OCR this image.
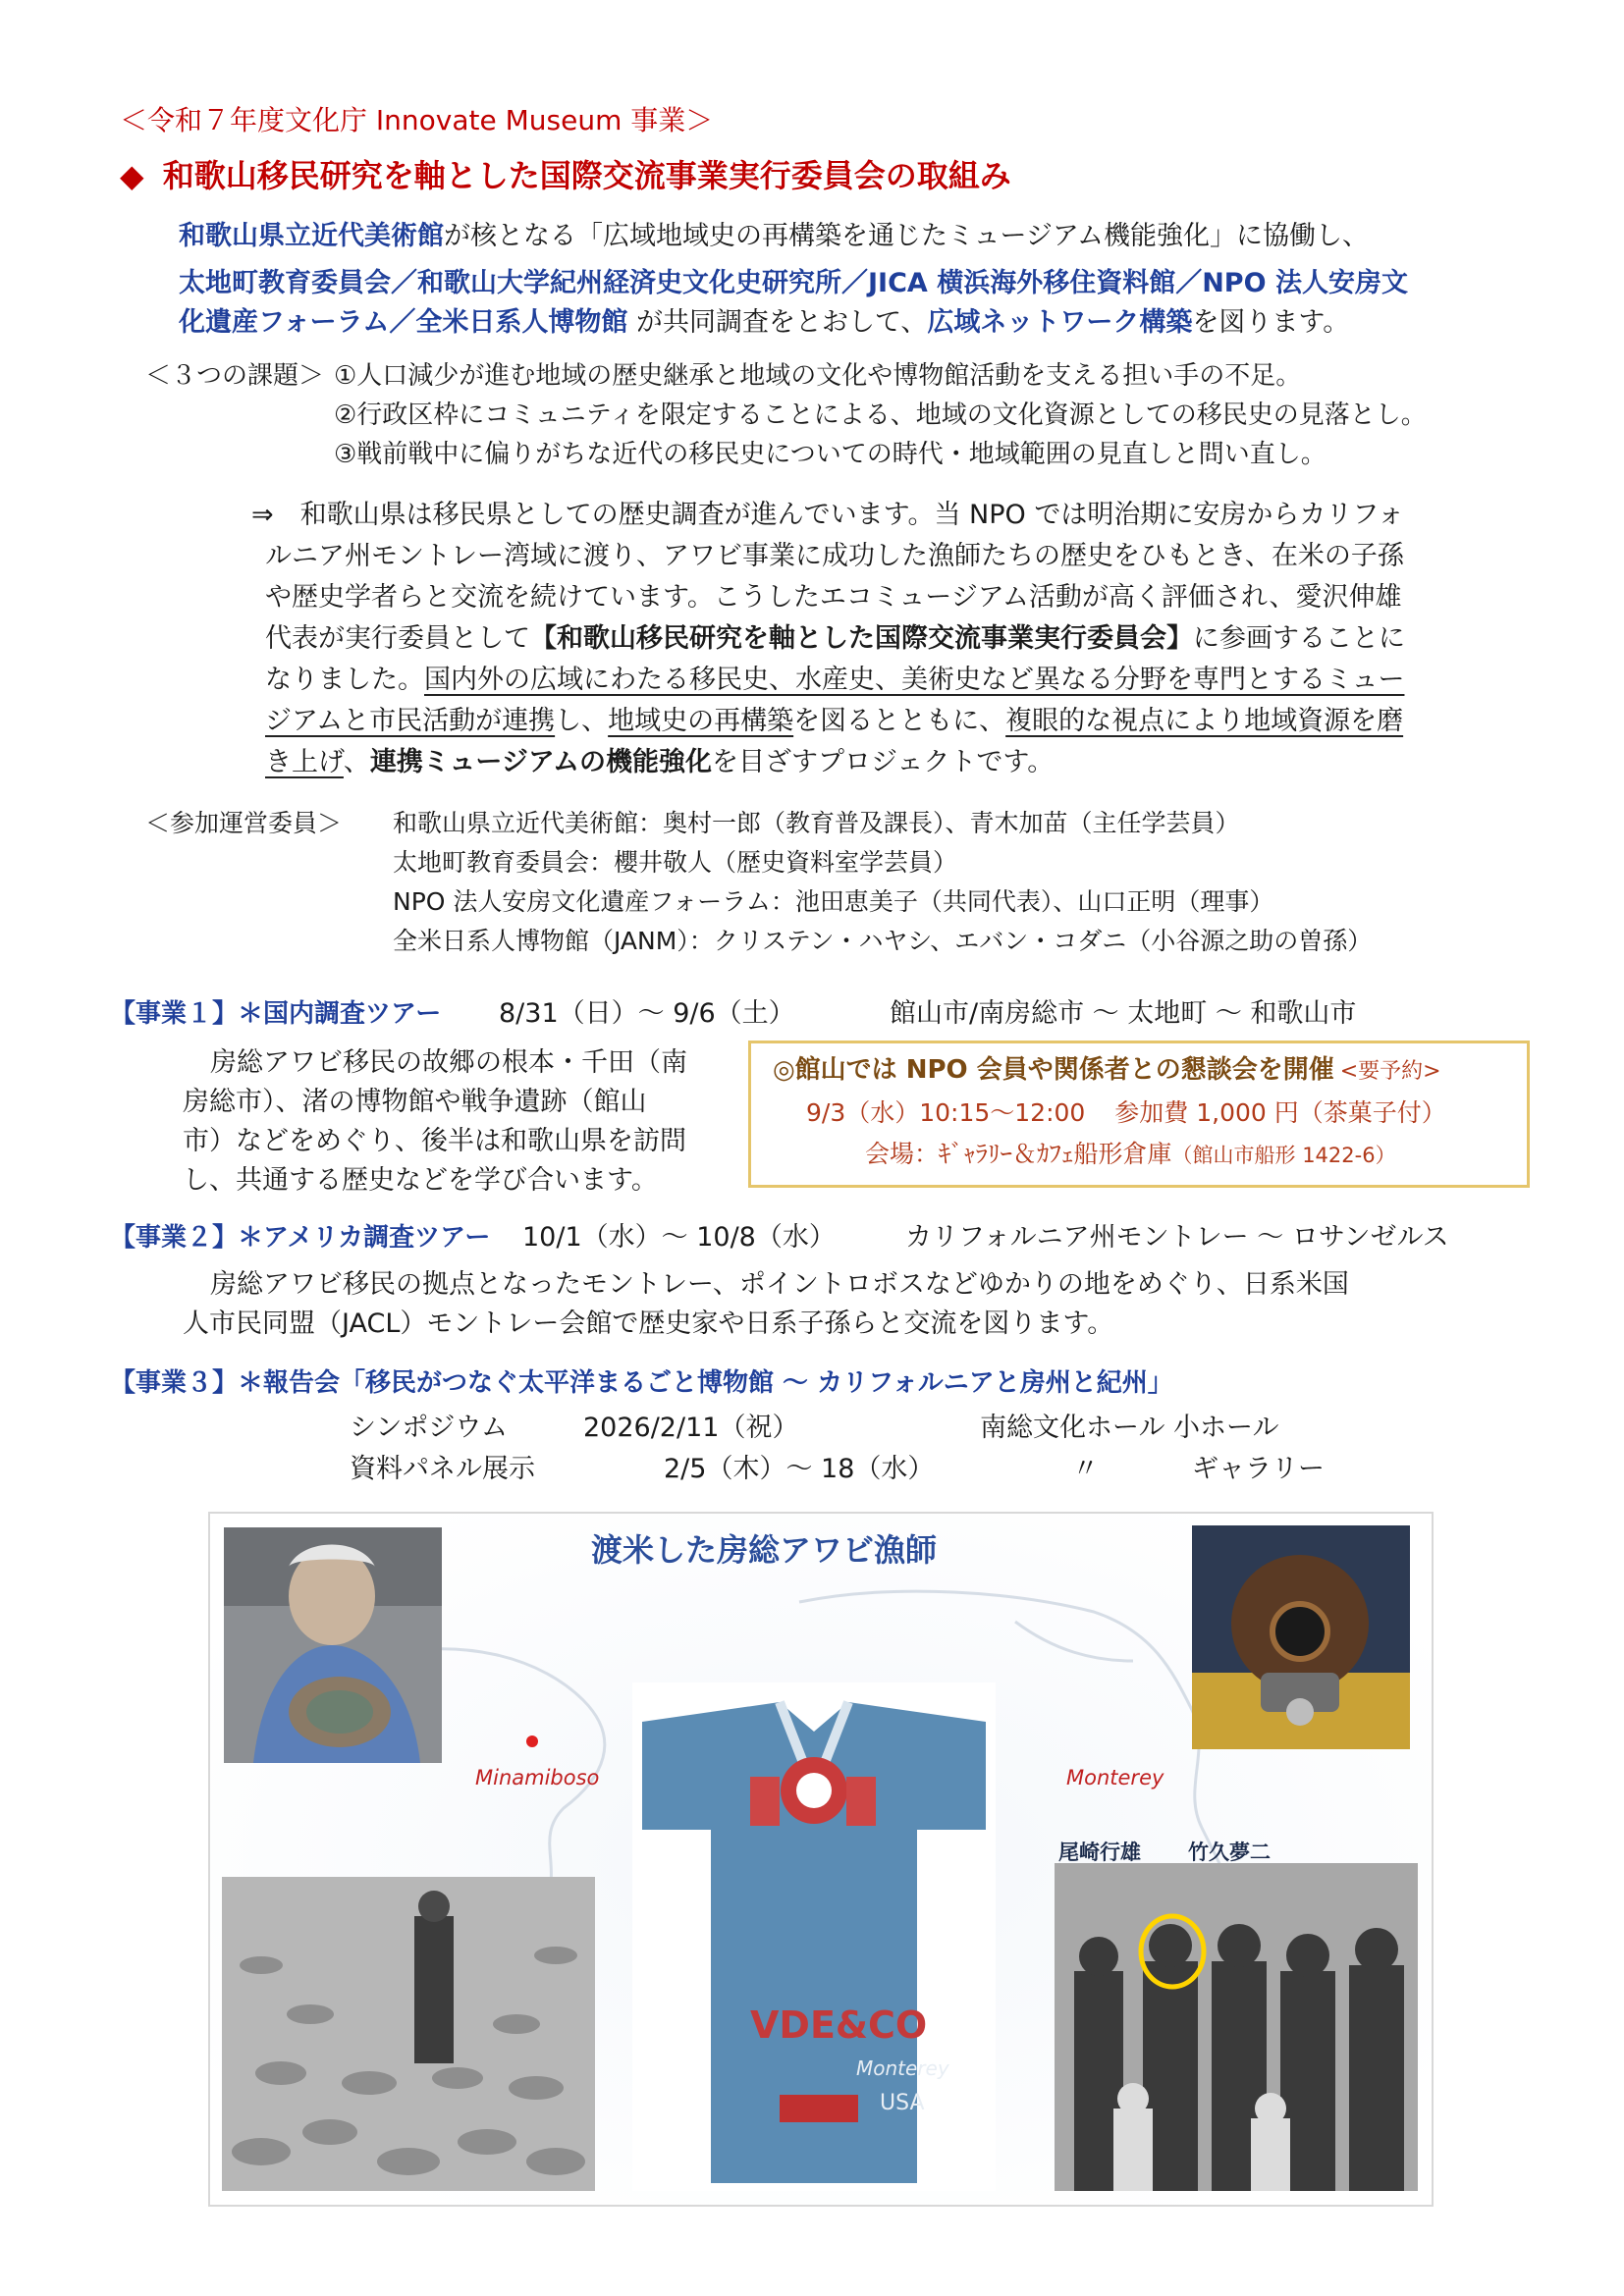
＜令和７年度文化庁 Innovate Museum 事業＞
◆ 和歌山移民研究を軸とした国際交流事業実行委員会の取組み
和歌山県立近代美術館が核となる「広域地域史の再構築を通じたミュージアム機能強化」に協働し、
太地町教育委員会／和歌山大学紀州経済史文化史研究所／JICA 横浜海外移住資料館／NPO 法人安房文
化遺産フォーラム／全米日系人博物館 が共同調査をとおして、広域ネットワーク構築を図ります。
＜３つの課題＞ ①人口減少が進む地域の歴史継承と地域の文化や博物館活動を支える担い手の不足。
②行政区枠にコミュニティを限定することによる、地域の文化資源としての移民史の見落とし。
③戦前戦中に偏りがちな近代の移民史についての時代・地域範囲の見直しと問い直し。
⇒　和歌山県は移民県としての歴史調査が進んでいます。当 NPO では明治期に安房からカリフォ
ルニア州モントレー湾域に渡り、アワビ事業に成功した漁師たちの歴史をひもとき、在米の子孫
や歴史学者らと交流を続けています。こうしたエコミュージアム活動が高く評価され、愛沢伸雄
代表が実行委員として【和歌山移民研究を軸とした国際交流事業実行委員会】に参画することに
なりました。国内外の広域にわたる移民史、水産史、美術史など異なる分野を専門とするミュー
ジアムと市民活動が連携し、地域史の再構築を図るとともに、複眼的な視点により地域資源を磨
き上げ、連携ミュージアムの機能強化を目ざすプロジェクトです。
＜参加運営委員＞ 和歌山県立近代美術館：奥村一郎（教育普及課長）、青木加苗（主任学芸員）
太地町教育委員会：櫻井敬人（歴史資料室学芸員）
NPO 法人安房文化遺産フォーラム：池田恵美子（共同代表）、山口正明（理事）
全米日系人博物館（JANM）：クリステン・ハヤシ、エバン・コダニ（小谷源之助の曽孫）
【事業１】＊国内調査ツアー 8/31（日）～ 9/6（土）	館山市/南房総市 ～ 太地町 ～ 和歌山市
房総アワビ移民の故郷の根本・千田（南
房総市）、渚の博物館や戦争遺跡（館山
市）などをめぐり、後半は和歌山県を訪問
し、共通する歴史などを学び合います。
◎館山では NPO 会員や関係者との懇談会を開催 <要予約>
9/3（水）10:15～12:00 参加費 1,000 円（茶菓子付）
会場：ｷﾞｬﾗﾘｰ＆ｶﾌｪ船形倉庫（館山市船形 1422-6）
【事業２】＊アメリカ調査ツアー 10/1（水）～ 10/8（水）	カリフォルニア州モントレー ～ ロサンゼルス
房総アワビ移民の拠点となったモントレー、ポイントロボスなどゆかりの地をめぐり、日系米国
人市民同盟（JACL）モントレー会館で歴史家や日系子孫らと交流を図ります。
【事業３】＊報告会「移民がつなぐ太平洋まるごと博物館 ～ カリフォルニアと房州と紀州」
シンポジウム	2026/2/11（祝）	南総文化ホール 小ホール
資料パネル展示	2/5（木）～ 18（水）	〃	ギャラリー
渡米した房総アワビ漁師
Minamiboso	Monterey
VDE&CO
Monterey
USA
尾崎行雄 竹久夢二
